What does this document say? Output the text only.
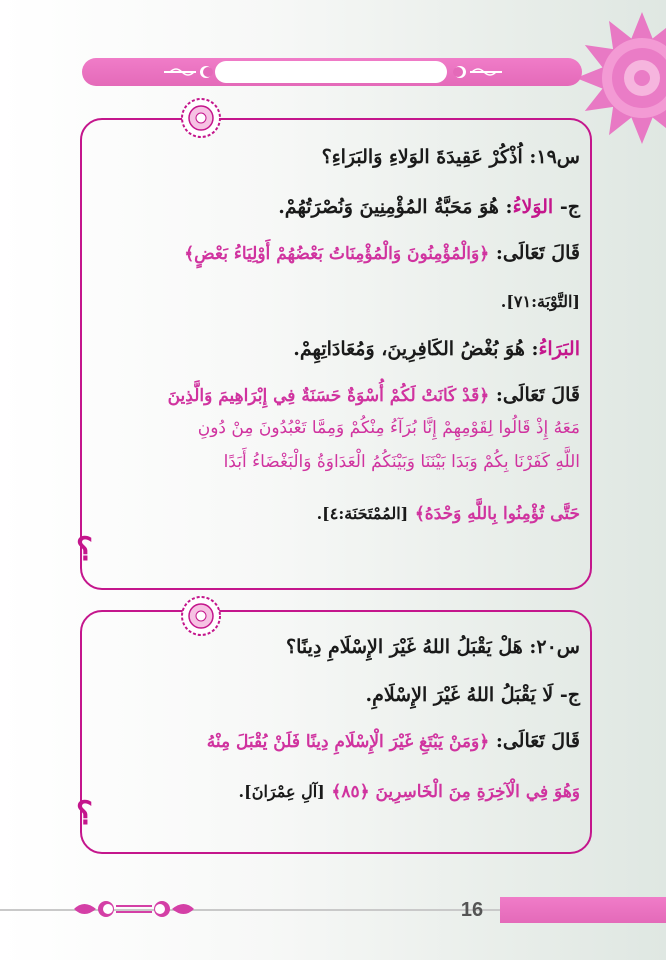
؟
س١٩: اُذْكُرْ عَقِيدَةَ الوَلاءِ وَالبَرَاءِ؟
ج- الوَلاءُ: هُوَ مَحَبَّةُ المُؤْمِنِينَ وَنُصْرَتُهُمْ.
قَالَ تَعَالَى: ﴿وَالْمُؤْمِنُونَ وَالْمُؤْمِنَاتُ بَعْضُهُمْ أَوْلِيَاءُ بَعْضٍ﴾
[التَّوْبَة:٧١].
البَرَاءُ: هُوَ بُغْضُ الكَافِرِينَ، وَمُعَادَاتِهِمْ.
قَالَ تَعَالَى: ﴿قَدْ كَانَتْ لَكُمْ أُسْوَةٌ حَسَنَةٌ فِي إِبْرَاهِيمَ وَالَّذِينَ
مَعَهُ إِذْ قَالُوا لِقَوْمِهِمْ إِنَّا بُرَآءُ مِنْكُمْ وَمِمَّا تَعْبُدُونَ مِنْ دُونِ
اللَّهِ كَفَرْنَا بِكُمْ وَبَدَا بَيْنَنَا وَبَيْنَكُمُ الْعَدَاوَةُ وَالْبَغْضَاءُ أَبَدًا
حَتَّى تُؤْمِنُوا بِاللَّهِ وَحْدَهُ﴾ [المُمْتَحَنَة:٤].
؟
س٢٠: هَلْ يَقْبَلُ اللهُ غَيْرَ الإِسْلَامِ دِينًا؟
ج- لَا يَقْبَلُ اللهُ غَيْرَ الإِسْلَامِ.
قَالَ تَعَالَى: ﴿وَمَنْ يَبْتَغِ غَيْرَ الْإِسْلَامِ دِينًا فَلَنْ يُقْبَلَ مِنْهُ
وَهُوَ فِي الْآخِرَةِ مِنَ الْخَاسِرِينَ ﴿٨٥﴾ [آلِ عِمْرَانَ].
16
